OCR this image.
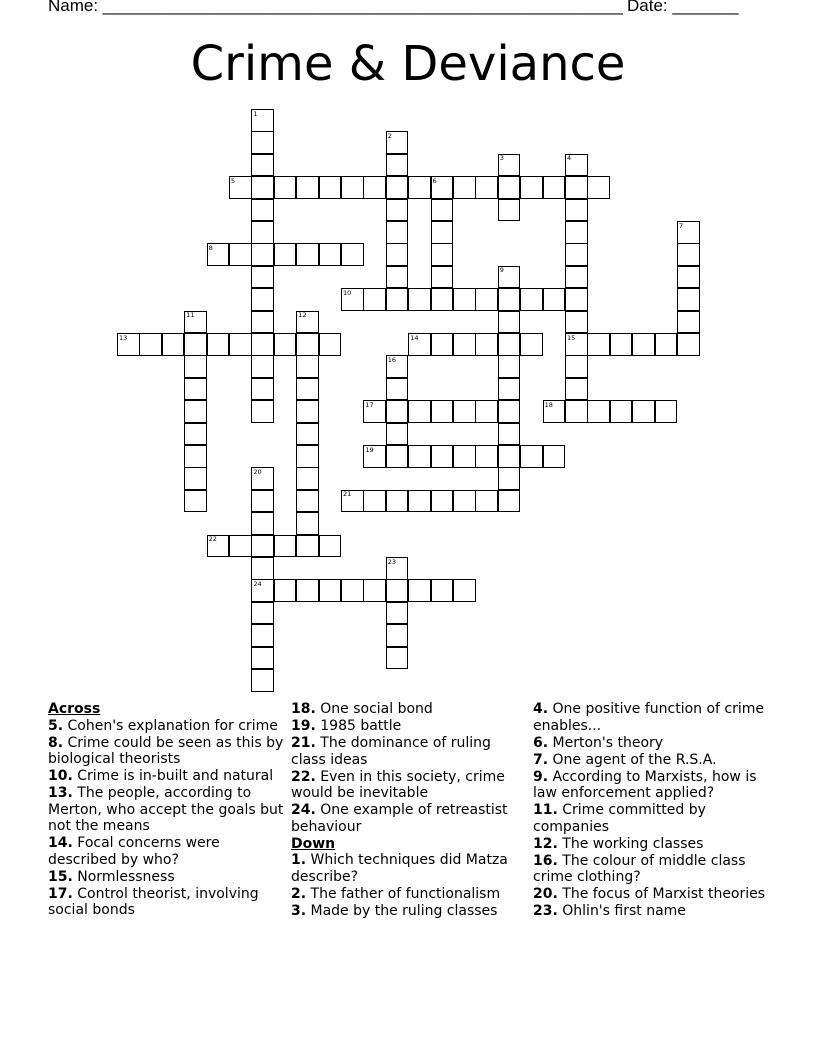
Name: _______________________________________________________ Date: _______
Crime & Deviance
1
2
3	4
5	6
7
8
9
10
11	12
13	14	15
16
17	18
19
20
21
22
23
24
Across
5. Cohen's explanation for crime
8. Crime could be seen as this by biological theorists
10. Crime is in-built and natural
13. The people, according to Merton, who accept the goals but not the means
14. Focal concerns were described by who?
15. Normlessness
17. Control theorist, involving social bonds
18. One social bond
19. 1985 battle
21. The dominance of ruling class ideas
22. Even in this society, crime would be inevitable
24. One example of retreastist behaviour
Down
1. Which techniques did Matza describe?
2. The father of functionalism
3. Made by the ruling classes
4. One positive function of crime enables...
6. Merton's theory
7. One agent of the R.S.A.
9. According to Marxists, how is law enforcement applied?
11. Crime committed by companies
12. The working classes
16. The colour of middle class crime clothing?
20. The focus of Marxist theories
23. Ohlin's first name
